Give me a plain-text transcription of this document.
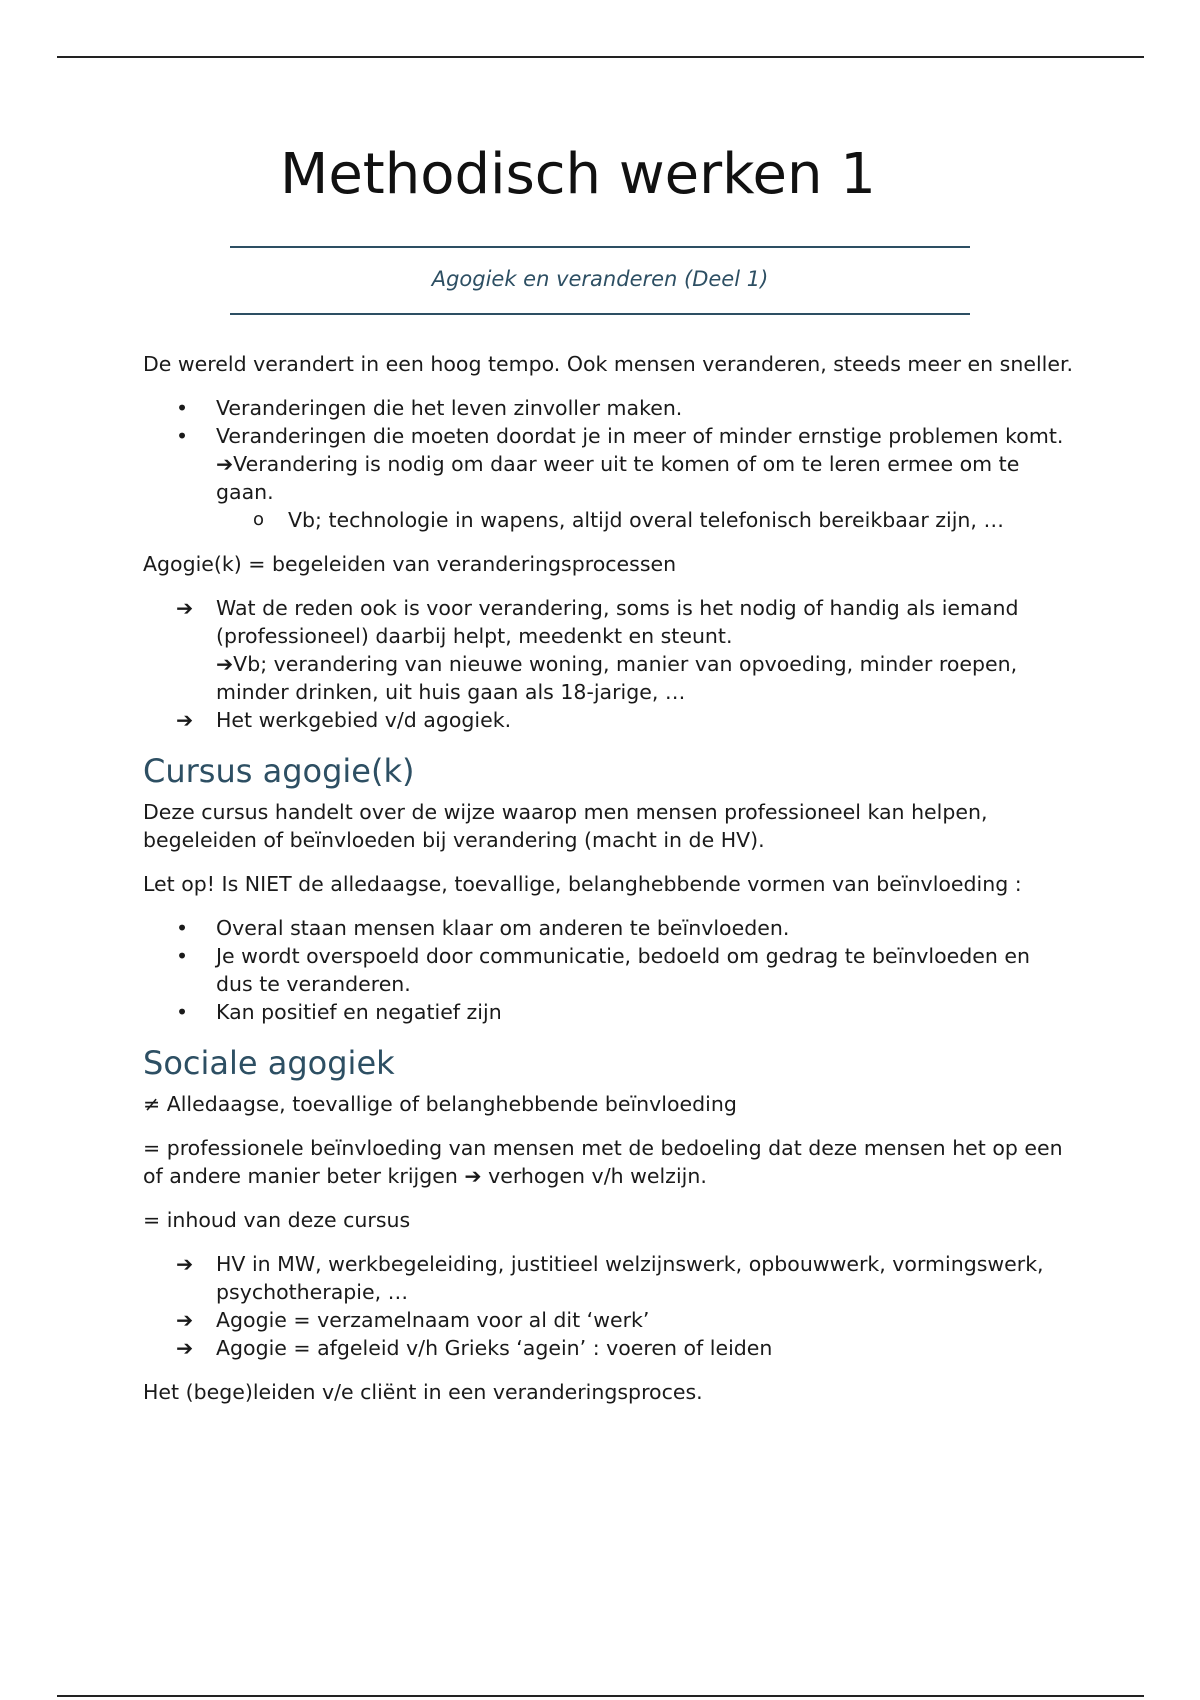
Methodisch werken 1
Agogiek en veranderen (Deel 1)

De wereld verandert in een hoog tempo. Ook mensen veranderen, steeds meer en sneller.

•	Veranderingen die het leven zinvoller maken.
•	Veranderingen die moeten doordat je in meer of minder ernstige problemen komt.
➔Verandering is nodig om daar weer uit te komen of om te leren ermee om te gaan.
o	Vb; technologie in wapens, altijd overal telefonisch bereikbaar zijn, …

Agogie(k) = begeleiden van veranderingsprocessen

➔	Wat de reden ook is voor verandering, soms is het nodig of handig als iemand (professioneel) daarbij helpt, meedenkt en steunt.
➔Vb; verandering van nieuwe woning, manier van opvoeding, minder roepen, minder drinken, uit huis gaan als 18-jarige, …
➔	Het werkgebied v/d agogiek.
Cursus agogie(k)

Deze cursus handelt over de wijze waarop men mensen professioneel kan helpen, begeleiden of beïnvloeden bij verandering (macht in de HV).

Let op! Is NIET de alledaagse, toevallige, belanghebbende vormen van beïnvloeding :

•	Overal staan mensen klaar om anderen te beïnvloeden.
•	Je wordt overspoeld door communicatie, bedoeld om gedrag te beïnvloeden en dus te veranderen.
•	Kan positief en negatief zijn
Sociale agogiek

≠ Alledaagse, toevallige of belanghebbende beïnvloeding

= professionele beïnvloeding van mensen met de bedoeling dat deze mensen het op een of andere manier beter krijgen ➔ verhogen v/h welzijn.

= inhoud van deze cursus

➔	HV in MW, werkbegeleiding, justitieel welzijnswerk, opbouwwerk, vormingswerk, psychotherapie, …
➔	Agogie = verzamelnaam voor al dit ‘werk’
➔	Agogie = afgeleid v/h Grieks ‘agein’ : voeren of leiden

Het (bege)leiden v/e cliënt in een veranderingsproces.
